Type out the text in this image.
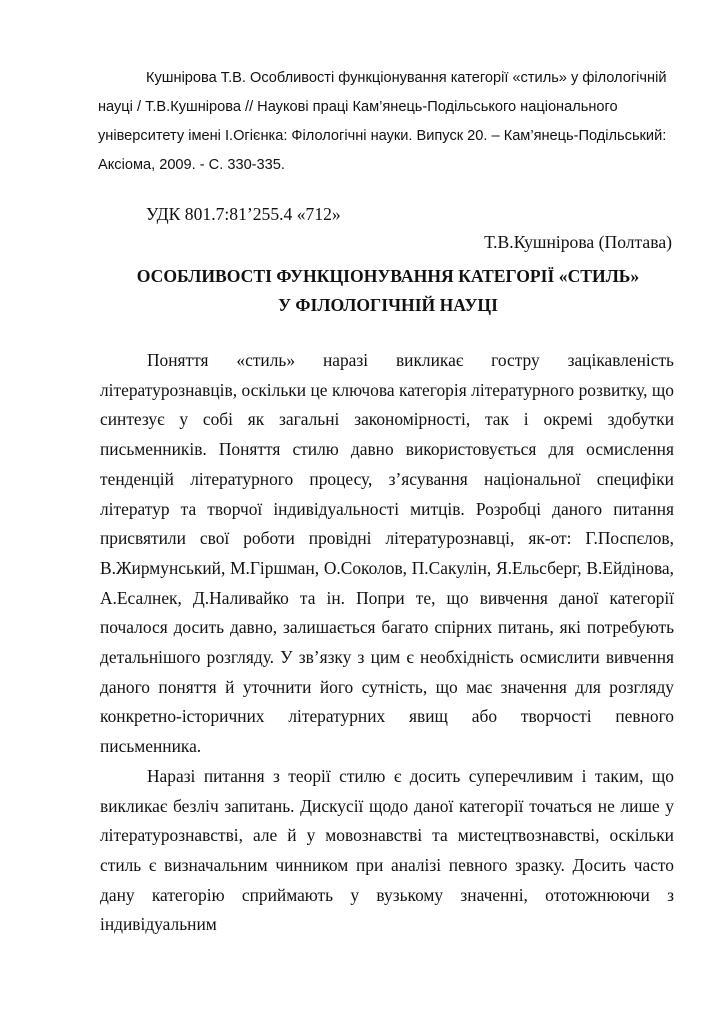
Кушнірова Т.В. Особливості функціонування категорії «стиль» у філологічній науці / Т.В.Кушнірова // Наукові праці Кам’янець-Подільського національного університету імені І.Огієнка: Філологічні науки. Випуск 20. – Кам’янець-Подільський: Аксіома, 2009. - С. 330-335.

УДК 801.7:81’255.4 «712»

Т.В.Кушнірова (Полтава)

ОСОБЛИВОСТІ ФУНКЦІОНУВАННЯ КАТЕГОРІЇ «СТИЛЬ»
У ФІЛОЛОГІЧНІЙ НАУЦІ

Поняття «стиль» наразі викликає гостру зацікавленість літературознавців, оскільки це ключова категорія літературного розвитку, що синтезує у собі як загальні закономірності, так і окремі здобутки письменників. Поняття стилю давно використовується для осмислення тенденцій літературного процесу, з’ясування національної специфіки літератур та творчої індивідуальності митців. Розробці даного питання присвятили свої роботи провідні літературознавці, як-от: Г.Поспєлов, В.Жирмунський, М.Гіршман, О.Соколов, П.Сакулін, Я.Ельсберг, В.Ейдінова, А.Есалнек, Д.Наливайко та ін. Попри те, що вивчення даної категорії почалося досить давно, залишається багато спірних питань, які потребують детальнішого розгляду. У зв’язку з цим є необхідність осмислити вивчення даного поняття й уточнити його сутність, що має значення для розгляду конкретно-історичних літературних явищ або творчості певного письменника.

Наразі питання з теорії стилю є досить суперечливим і таким, що викликає безліч запитань. Дискусії щодо даної категорії точаться не лише у літературознавстві, але й у мовознавстві та мистецтвознавстві, оскільки стиль є визначальним чинником при аналізі певного зразку. Досить часто дану категорію сприймають у вузькому значенні, ототожнюючи з індивідуальним
